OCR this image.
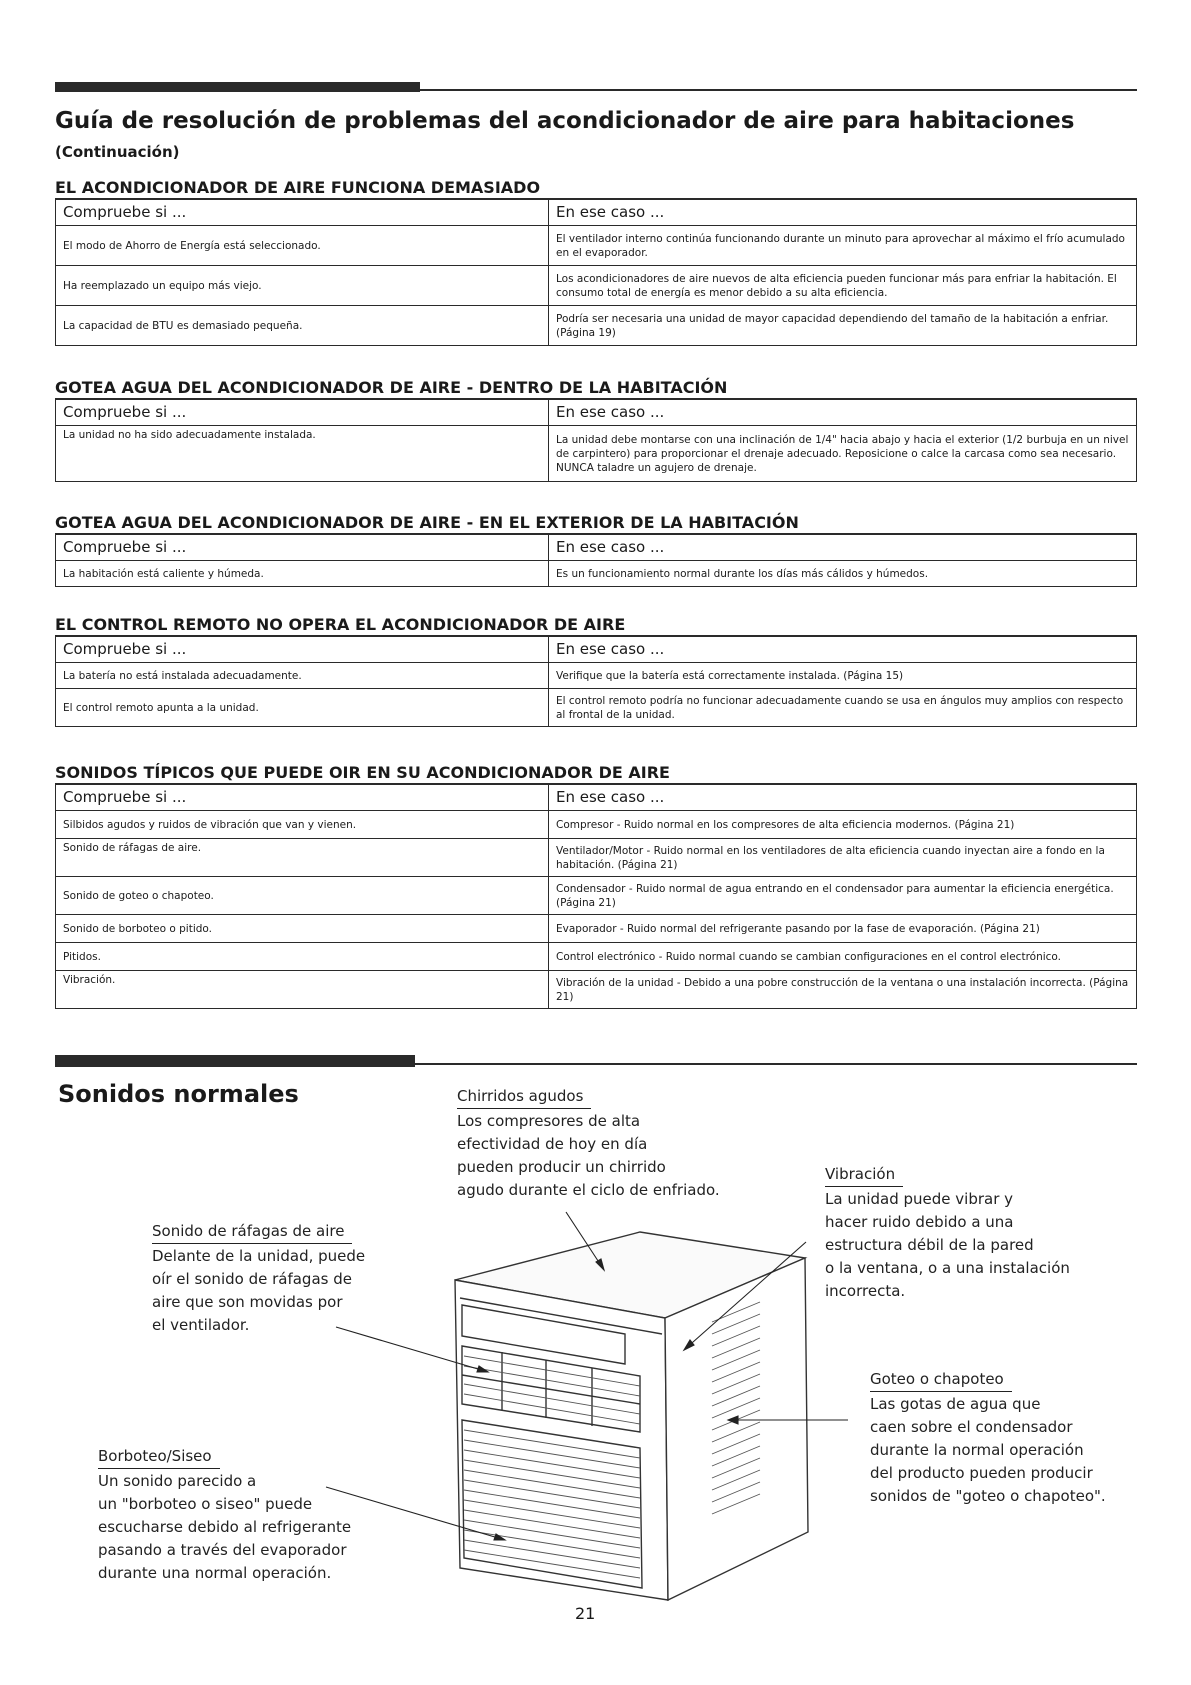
Guía de resolución de problemas del acondicionador de aire para habitaciones
(Continuación)
EL ACONDICIONADOR DE AIRE FUNCIONA DEMASIADO
Compruebe si ...	En ese caso ...
El modo de Ahorro de Energía está seleccionado.	El ventilador interno continúa funcionando durante un minuto para aprovechar al máximo el frío acumulado en el evaporador.
Ha reemplazado un equipo más viejo.	Los acondicionadores de aire nuevos de alta eficiencia pueden funcionar más para enfriar la habitación. El consumo total de energía es menor debido a su alta eficiencia.
La capacidad de BTU es demasiado pequeña.	Podría ser necesaria una unidad de mayor capacidad dependiendo del tamaño de la habitación a enfriar. (Página 19)
GOTEA AGUA DEL ACONDICIONADOR DE AIRE - DENTRO DE LA HABITACIÓN
Compruebe si ...	En ese caso ...
La unidad no ha sido adecuadamente instalada.	La unidad debe montarse con una inclinación de 1/4" hacia abajo y hacia el exterior (1/2 burbuja en un nivel de carpintero) para proporcionar el drenaje adecuado. Reposicione o calce la carcasa como sea necesario. NUNCA taladre un agujero de drenaje.
GOTEA AGUA DEL ACONDICIONADOR DE AIRE - EN EL EXTERIOR DE LA HABITACIÓN
Compruebe si ...	En ese caso ...
La habitación está caliente y húmeda.	Es un funcionamiento normal durante los días más cálidos y húmedos.
EL CONTROL REMOTO NO OPERA EL ACONDICIONADOR DE AIRE
Compruebe si ...	En ese caso ...
La batería no está instalada adecuadamente.	Verifique que la batería está correctamente instalada. (Página 15)
El control remoto apunta a la unidad.	El control remoto podría no funcionar adecuadamente cuando se usa en ángulos muy amplios con respecto al frontal de la unidad.
SONIDOS TÍPICOS QUE PUEDE OIR EN SU ACONDICIONADOR DE AIRE
Compruebe si ...	En ese caso ...
Silbidos agudos y ruidos de vibración que van y vienen.	Compresor - Ruido normal en los compresores de alta eficiencia modernos. (Página 21)
Sonido de ráfagas de aire.	Ventilador/Motor - Ruido normal en los ventiladores de alta eficiencia cuando inyectan aire a fondo en la habitación. (Página 21)
Sonido de goteo o chapoteo.	Condensador - Ruido normal de agua entrando en el condensador para aumentar la eficiencia energética. (Página 21)
Sonido de borboteo o pitido.	Evaporador - Ruido normal del refrigerante pasando por la fase de evaporación. (Página 21)
Pitidos.	Control electrónico - Ruido normal cuando se cambian configuraciones en el control electrónico.
Vibración.	Vibración de la unidad - Debido a una pobre construcción de la ventana o una instalación incorrecta. (Página 21)
Sonidos normales	Chirridos agudos
Los compresores de alta
efectividad de hoy en día
pueden producir un chirrido
agudo durante el ciclo de enfriado.
Vibración
La unidad puede vibrar y
hacer ruido debido a una
estructura débil de la pared
o la ventana, o a una instalación
incorrecta.
Sonido de ráfagas de aire
Delante de la unidad, puede
oír el sonido de ráfagas de
aire que son movidas por
el ventilador.
Goteo o chapoteo
Las gotas de agua que
caen sobre el condensador
durante la normal operación
del producto pueden producir
sonidos de "goteo o chapoteo".
Borboteo/Siseo
Un sonido parecido a
un "borboteo o siseo" puede
escucharse debido al refrigerante
pasando a través del evaporador
durante una normal operación.
21
